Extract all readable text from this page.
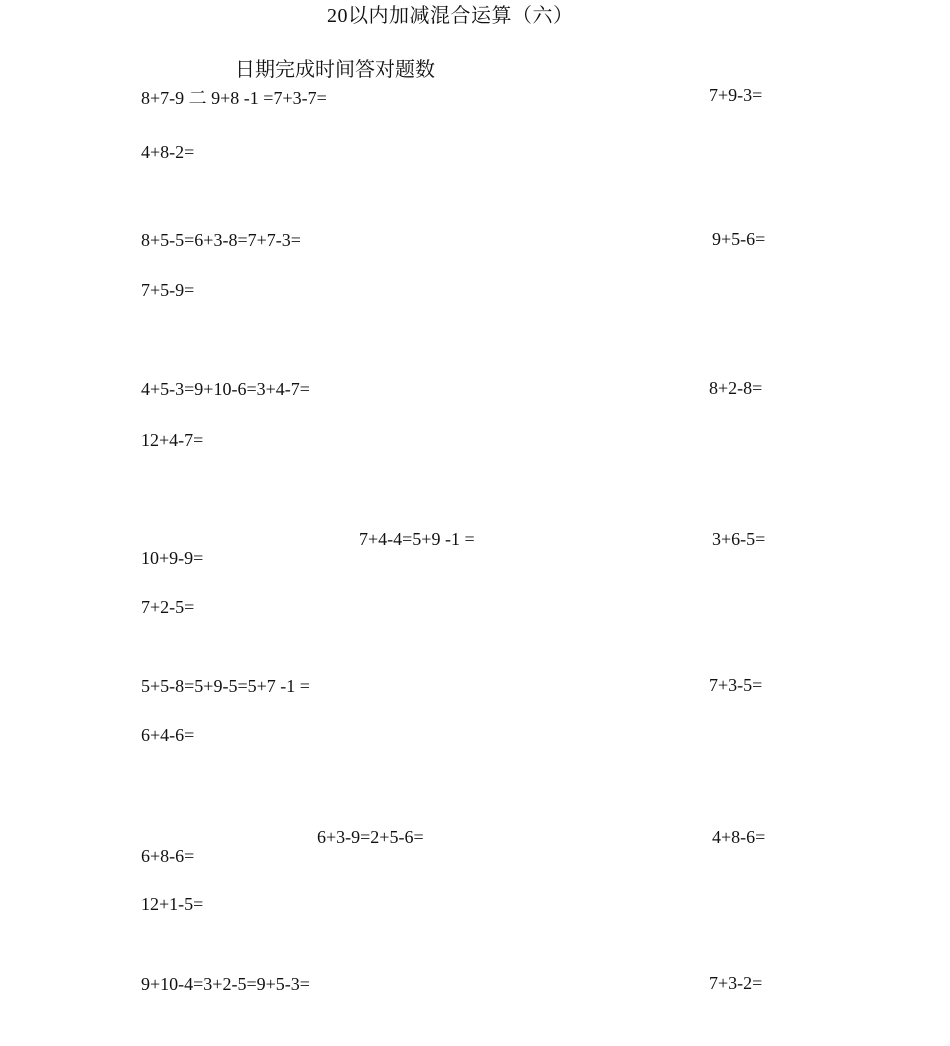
20以内加减混合运算（六）
日期完成时间答对题数
8+7-9 二 9+8 -1 =7+3-7=	7+9-3=
4+8-2=
8+5-5=6+3-8=7+7-3=	9+5-6=
7+5-9=
4+5-3=9+10-6=3+4-7=	8+2-8=
12+4-7=
7+4-4=5+9 -1 =	3+6-5=
10+9-9=
7+2-5=
5+5-8=5+9-5=5+7 -1 =	7+3-5=
6+4-6=
6+3-9=2+5-6=	4+8-6=
6+8-6=
12+1-5=
9+10-4=3+2-5=9+5-3=	7+3-2=
